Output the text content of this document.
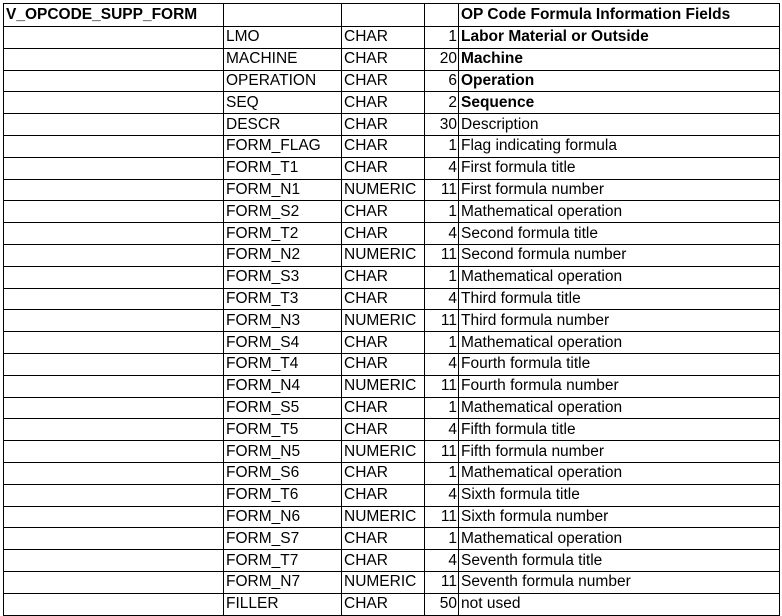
V_OPCODE_SUPP_FORM				OP Code Formula Information Fields
	LMO	CHAR	1	Labor Material or Outside
	MACHINE	CHAR	20	Machine
	OPERATION	CHAR	6	Operation
	SEQ	CHAR	2	Sequence
	DESCR	CHAR	30	Description
	FORM_FLAG	CHAR	1	Flag indicating formula
	FORM_T1	CHAR	4	First formula title
	FORM_N1	NUMERIC	11	First formula number
	FORM_S2	CHAR	1	Mathematical operation
	FORM_T2	CHAR	4	Second formula title
	FORM_N2	NUMERIC	11	Second formula number
	FORM_S3	CHAR	1	Mathematical operation
	FORM_T3	CHAR	4	Third formula title
	FORM_N3	NUMERIC	11	Third formula number
	FORM_S4	CHAR	1	Mathematical operation
	FORM_T4	CHAR	4	Fourth formula title
	FORM_N4	NUMERIC	11	Fourth formula number
	FORM_S5	CHAR	1	Mathematical operation
	FORM_T5	CHAR	4	Fifth formula title
	FORM_N5	NUMERIC	11	Fifth formula number
	FORM_S6	CHAR	1	Mathematical operation
	FORM_T6	CHAR	4	Sixth formula title
	FORM_N6	NUMERIC	11	Sixth formula number
	FORM_S7	CHAR	1	Mathematical operation
	FORM_T7	CHAR	4	Seventh formula title
	FORM_N7	NUMERIC	11	Seventh formula number
	FILLER	CHAR	50	not used
